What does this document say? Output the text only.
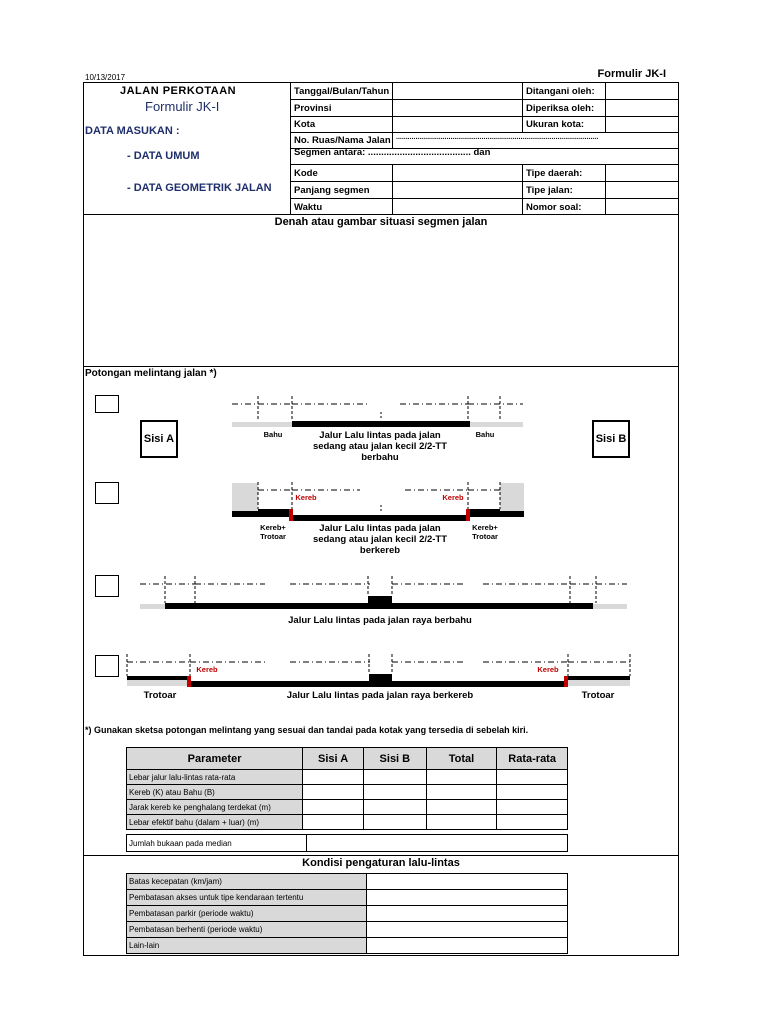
10/13/2017	Formulir JK-I
JALAN PERKOTAAN
Formulir JK-I
DATA MASUKAN :
- DATA UMUM
- DATA GEOMETRIK JALAN
Tanggal/Bulan/Tahun
Provinsi
Kota
No. Ruas/Nama Jalan ........................................................................................................
Segmen antara: ....................................... dan
Kode
Panjang segmen
Waktu
Ditangani oleh:
Diperiksa oleh:
Ukuran kota:
Tipe daerah:
Tipe jalan:
Nomor soal:
Denah atau gambar situasi segmen jalan
Potongan melintang jalan *)
Sisi A	Sisi B
Bahu	Bahu
Jalur Lalu lintas pada jalan
sedang atau jalan kecil 2/2-TT
berbahu
Kereb	Kereb
Kereb+
Trotoar
Kereb+
Trotoar
Jalur Lalu lintas pada jalan
sedang atau jalan kecil 2/2-TT
berkereb
Jalur Lalu lintas pada jalan raya berbahu
Kereb	Kereb
Trotoar	Trotoar
Jalur Lalu lintas pada jalan raya berkereb
*) Gunakan sketsa potongan melintang yang sesuai dan tandai pada kotak yang tersedia di sebelah kiri.
Parameter	Sisi A	Sisi B	Total	Rata-rata
Lebar jalur lalu-lintas rata-rata				
Kereb (K) atau Bahu (B)				
Jarak kereb ke penghalang terdekat (m)				
Lebar efektif bahu (dalam + luar) (m)				
Jumlah bukaan pada median	
Kondisi pengaturan lalu-lintas
Batas kecepatan (km/jam)	
Pembatasan akses untuk tipe kendaraan tertentu	
Pembatasan parkir (periode waktu)	
Pembatasan berhenti (periode waktu)	
Lain-lain	
